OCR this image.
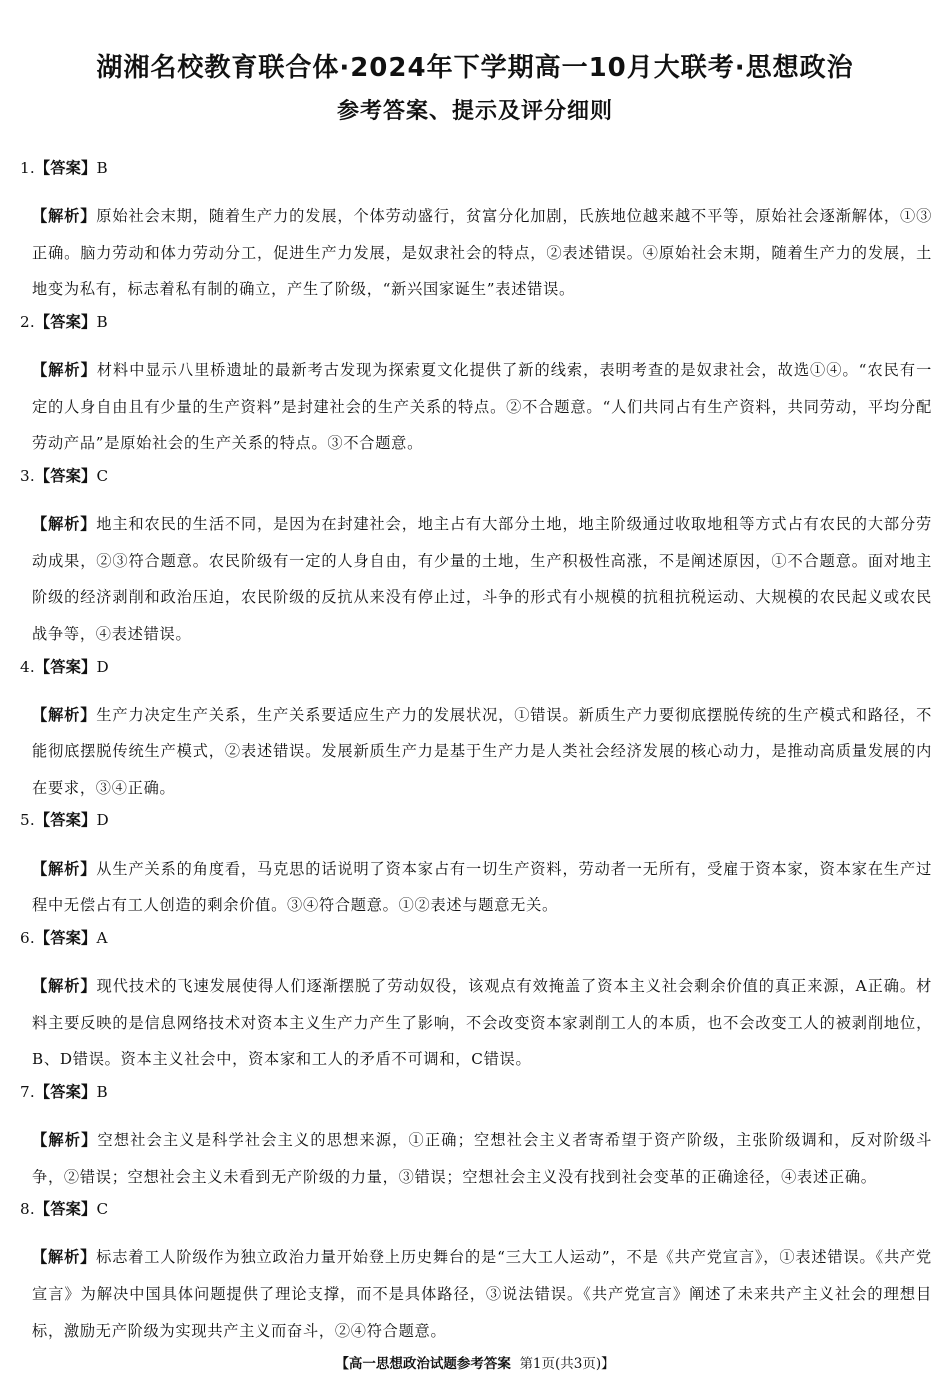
湖湘名校教育联合体·2024年下学期高一10月大联考·思想政治
参考答案、提示及评分细则
1.【答案】B

【解析】原始社会末期，随着生产力的发展，个体劳动盛行，贫富分化加剧，氏族地位越来越不平等，原始社会逐渐解体，①③正确。脑力劳动和体力劳动分工，促进生产力发展，是奴隶社会的特点，②表述错误。④原始社会末期，随着生产力的发展，土地变为私有，标志着私有制的确立，产生了阶级，“新兴国家诞生”表述错误。

2.【答案】B

【解析】材料中显示八里桥遗址的最新考古发现为探索夏文化提供了新的线索，表明考查的是奴隶社会，故选①④。“农民有一定的人身自由且有少量的生产资料”是封建社会的生产关系的特点。②不合题意。“人们共同占有生产资料，共同劳动，平均分配劳动产品”是原始社会的生产关系的特点。③不合题意。

3.【答案】C

【解析】地主和农民的生活不同，是因为在封建社会，地主占有大部分土地，地主阶级通过收取地租等方式占有农民的大部分劳动成果，②③符合题意。农民阶级有一定的人身自由，有少量的土地，生产积极性高涨，不是阐述原因，①不合题意。面对地主阶级的经济剥削和政治压迫，农民阶级的反抗从来没有停止过，斗争的形式有小规模的抗租抗税运动、大规模的农民起义或农民战争等，④表述错误。

4.【答案】D

【解析】生产力决定生产关系，生产关系要适应生产力的发展状况，①错误。新质生产力要彻底摆脱传统的生产模式和路径，不能彻底摆脱传统生产模式，②表述错误。发展新质生产力是基于生产力是人类社会经济发展的核心动力，是推动高质量发展的内在要求，③④正确。

5.【答案】D

【解析】从生产关系的角度看，马克思的话说明了资本家占有一切生产资料，劳动者一无所有，受雇于资本家，资本家在生产过程中无偿占有工人创造的剩余价值。③④符合题意。①②表述与题意无关。

6.【答案】A

【解析】现代技术的飞速发展使得人们逐渐摆脱了劳动奴役，该观点有效掩盖了资本主义社会剩余价值的真正来源，A正确。材料主要反映的是信息网络技术对资本主义生产力产生了影响，不会改变资本家剥削工人的本质，也不会改变工人的被剥削地位，B、D错误。资本主义社会中，资本家和工人的矛盾不可调和，C错误。

7.【答案】B

【解析】空想社会主义是科学社会主义的思想来源，①正确；空想社会主义者寄希望于资产阶级，主张阶级调和，反对阶级斗争，②错误；空想社会主义未看到无产阶级的力量，③错误；空想社会主义没有找到社会变革的正确途径，④表述正确。

8.【答案】C

【解析】标志着工人阶级作为独立政治力量开始登上历史舞台的是“三大工人运动”，不是《共产党宣言》，①表述错误。《共产党宣言》为解决中国具体问题提供了理论支撑，而不是具体路径，③说法错误。《共产党宣言》阐述了未来共产主义社会的理想目标，激励无产阶级为实现共产主义而奋斗，②④符合题意。

【高一思想政治试题参考答案 第1页(共3页)】
